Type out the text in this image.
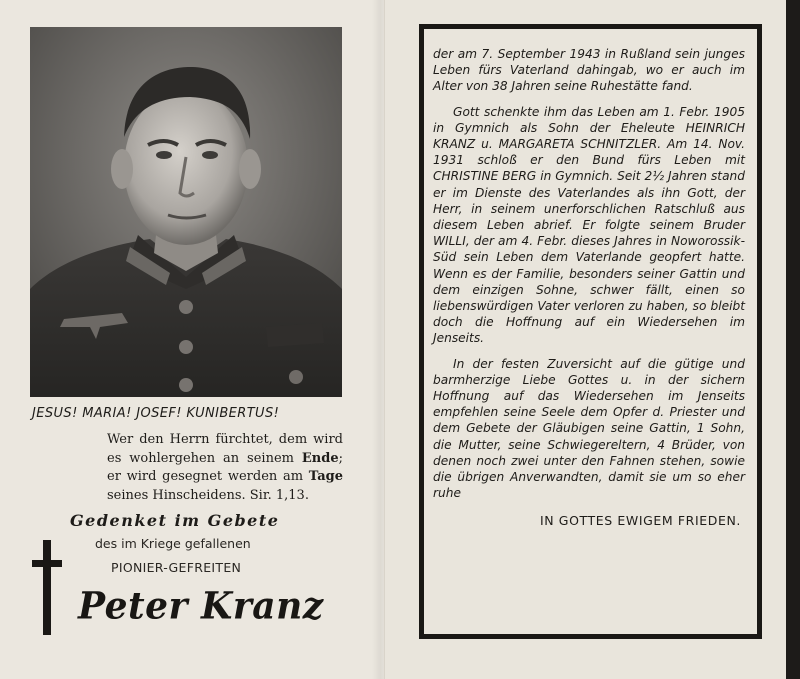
JESUS! MARIA! JOSEF! KUNIBERTUS!
Wer den Herrn fürchtet, dem wird
es wohlergehen an seinem Ende;
er wird gesegnet werden am Tage
seines Hinscheidens. Sir. 1,13.
Gedenket im Gebete
des im Kriege gefallenen
PIONIER-GEFREITEN
Peter Kranz

der am 7. September 1943 in Rußland sein junges Leben fürs Vaterland dahingab, wo er auch im Alter von 38 Jahren seine Ruhestätte fand.

Gott schenkte ihm das Leben am 1. Febr. 1905 in Gymnich als Sohn der Eheleute HEINRICH KRANZ u. MARGARETA SCHNITZLER. Am 14. Nov. 1931 schloß er den Bund fürs Leben mit CHRISTINE BERG in Gymnich. Seit 2½ Jahren stand er im Dienste des Vaterlandes als ihn Gott, der Herr, in seinem unerforschlichen Ratschluß aus diesem Leben abrief. Er folgte seinem Bruder WILLI, der am 4. Febr. dieses Jahres in Noworossik-Süd sein Leben dem Vaterlande geopfert hatte. Wenn es der Familie, besonders seiner Gattin und dem einzigen Sohne, schwer fällt, einen so liebenswürdigen Vater verloren zu haben, so bleibt doch die Hoffnung auf ein Wiedersehen im Jenseits.

In der festen Zuversicht auf die gütige und barmherzige Liebe Gottes u. in der sichern Hoffnung auf das Wiedersehen im Jenseits empfehlen seine Seele dem Opfer d. Priester und dem Gebete der Gläubigen seine Gattin, 1 Sohn, die Mutter, seine Schwiegereltern, 4 Brüder, von denen noch zwei unter den Fahnen stehen, sowie die übrigen Anverwandten, damit sie um so eher ruhe

IN GOTTES EWIGEM FRIEDEN.
